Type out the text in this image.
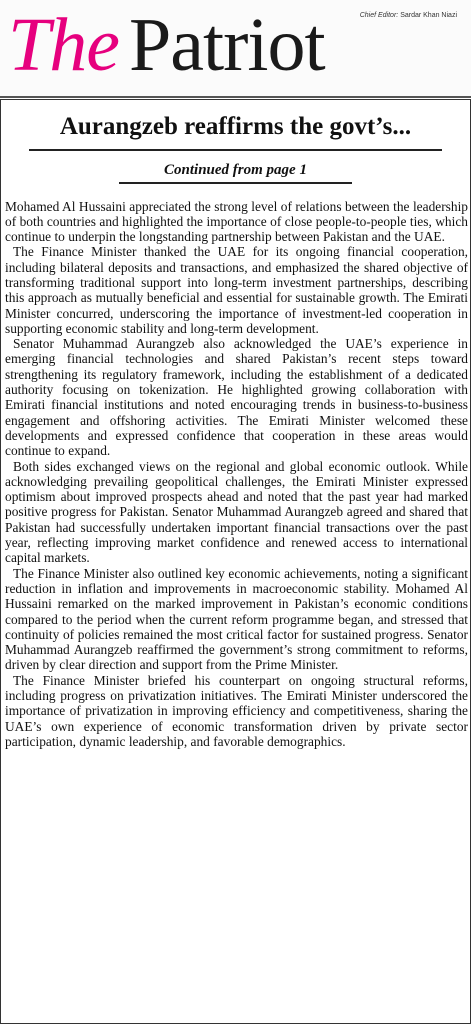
The Patriot	Chief Editor: Sardar Khan Niazi
Aurangzeb reaffirms the govt’s...
Continued from page 1

Mohamed Al Hussaini appreciated the strong level of relations between the leadership of both countries and highlighted the importance of close people-to-people ties, which continue to underpin the longstanding partnership between Pakistan and the UAE.

The Finance Minister thanked the UAE for its ongoing financial cooperation, including bilateral deposits and transactions, and emphasized the shared objective of transforming traditional support into long-term investment partnerships, describing this approach as mutually beneficial and essential for sustainable growth. The Emirati Minister concurred, underscoring the importance of investment-led cooperation in supporting economic stability and long-term development.

Senator Muhammad Aurangzeb also acknowledged the UAE’s experience in emerging financial technologies and shared Pakistan’s recent steps toward strengthening its regulatory framework, including the establishment of a dedicated authority focusing on tokenization. He highlighted growing collaboration with Emirati financial institutions and noted encouraging trends in business-to-business engagement and offshoring activities. The Emirati Minister welcomed these developments and expressed confidence that cooperation in these areas would continue to expand.

Both sides exchanged views on the regional and global economic outlook. While acknowledging prevailing geopolitical challenges, the Emirati Minister expressed optimism about improved prospects ahead and noted that the past year had marked positive progress for Pakistan. Senator Muhammad Aurangzeb agreed and shared that Pakistan had successfully undertaken important financial transactions over the past year, reflecting improving market confidence and renewed access to international capital markets.

The Finance Minister also outlined key economic achievements, noting a significant reduction in inflation and improvements in macroeconomic stability. Mohamed Al Hussaini remarked on the marked improvement in Pakistan’s economic conditions compared to the period when the current reform programme began, and stressed that continuity of policies remained the most critical factor for sustained progress. Senator Muhammad Aurangzeb reaffirmed the government’s strong commitment to reforms, driven by clear direction and support from the Prime Minister.

The Finance Minister briefed his counterpart on ongoing structural reforms, including progress on privatization initiatives. The Emirati Minister underscored the importance of privatization in improving efficiency and competitiveness, sharing the UAE’s own experience of economic transformation driven by private sector participation, dynamic leadership, and favorable demographics.
